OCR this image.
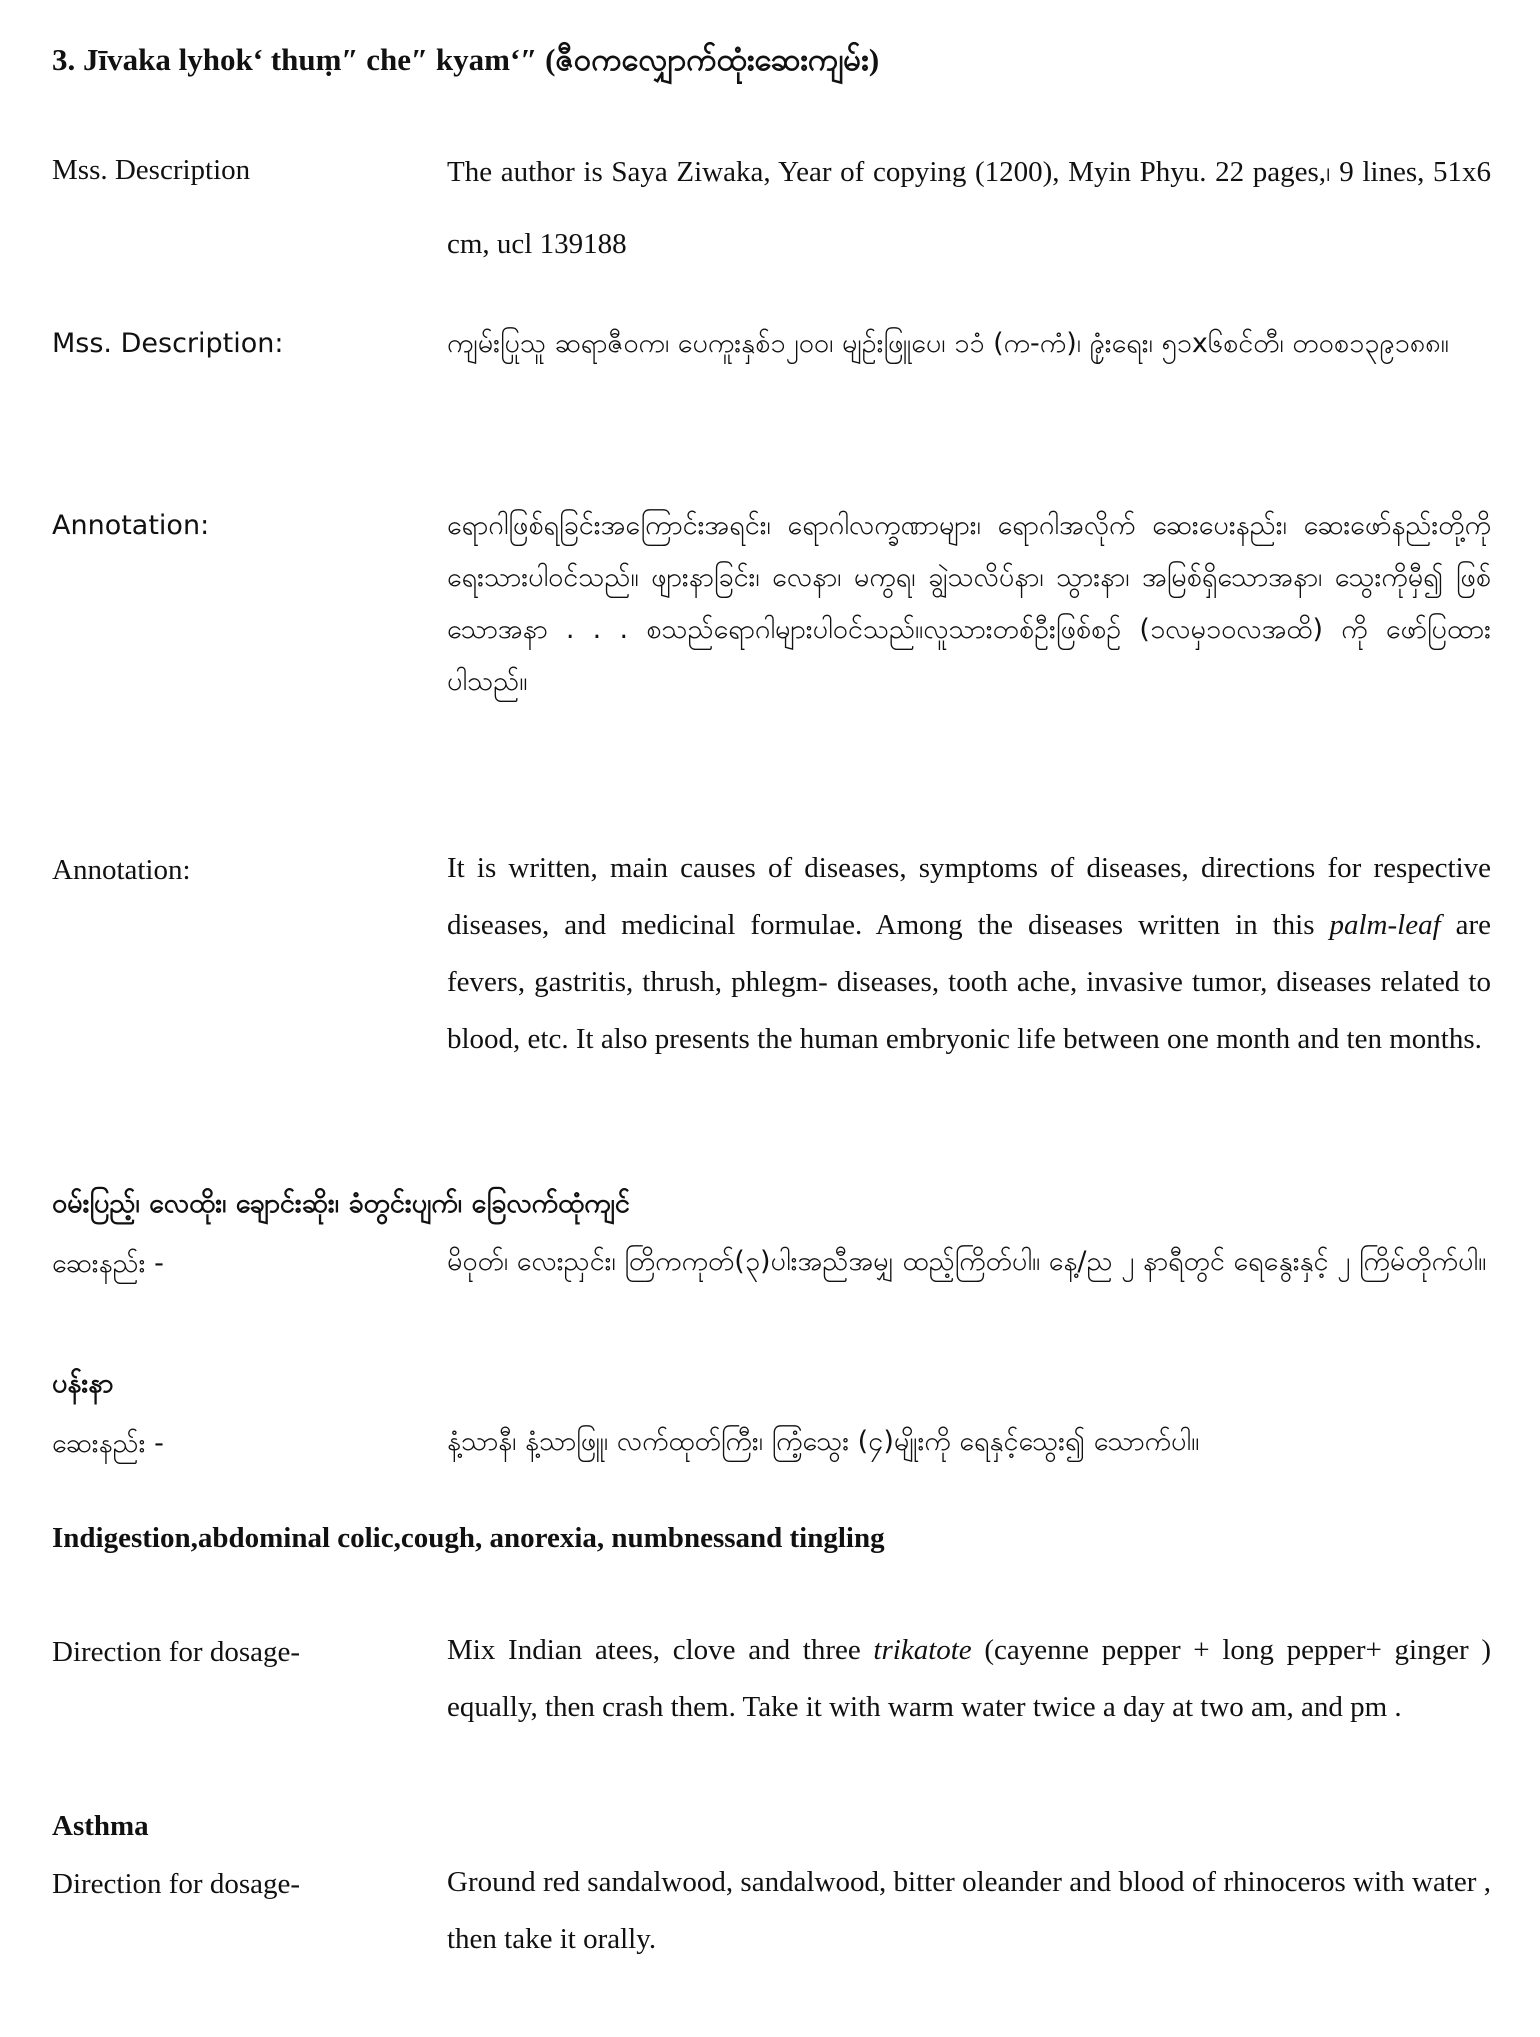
3. Jīvaka lyhok‘ thuṃ″ che″ kyam‘″ (ဇီဝကလျှောက်ထုံးဆေးကျမ်း)
Mss. Description	The author is Saya Ziwaka, Year of copying (1200), Myin Phyu. 22 pages,၊ 9 lines, 51x6 cm, ucl 139188
Mss. Description:	ကျမ်းပြုသူ ဆရာဇီဝက၊ ပေကူးနှစ်၁၂၀၀၊ မျဉ်းဖြူပေ၊ ၁၁ံ (က-ကံ)၊ ၉ုံးရေး၊ ၅၁x၆စင်တီ၊ တဝစ၁၃၉၁၈၈။
Annotation:	ရောဂါဖြစ်ရခြင်းအကြောင်းအရင်း၊ ရောဂါလက္ခဏာများ၊ ရောဂါအလိုက် ဆေးပေးနည်း၊ ဆေးဖော်နည်းတို့ကို ရေးသားပါဝင်သည်။ ဖျားနာခြင်း၊ လေနာ၊ မကွရ၊ ချွဲသလိပ်နာ၊ သွားနာ၊ အမြစ်ရှိသောအနာ၊ သွေးကိုမှီ၍ ဖြစ်သောအနာ . . . စသည်ရောဂါများပါဝင်သည်။လူသားတစ်ဦးဖြစ်စဉ် (၁လမှ၁၀လအထိ) ကို ဖော်ပြထားပါသည်။
Annotation:	It is written, main causes of diseases, symptoms of diseases, directions for respective diseases, and medicinal formulae. Among the diseases written in this palm-leaf are fevers, gastritis, thrush, phlegm- diseases, tooth ache, invasive tumor, diseases related to blood, etc. It also presents the human embryonic life between one month and ten months.
ဝမ်းပြည့်၊ လေထိုး၊ ချောင်းဆိုး၊ ခံတွင်းပျက်၊ ခြေလက်ထုံကျင်
ဆေးနည်း -	မိဝုတ်၊ လေးညှင်း၊ တြိကကုတ်(၃)ပါးအညီအမျှ ထည့်ကြိတ်ပါ။ နေ့/ည ၂ နာရီတွင် ရေနွေးနှင့် ၂ ကြိမ်တိုက်ပါ။
ပန်းနာ
ဆေးနည်း -	နံ့သာနီ၊ နံ့သာဖြူ၊ လက်ထုတ်ကြီး၊ ကြံ့သွေး (၄)မျိုးကို ရေနှင့်သွေး၍ သောက်ပါ။
Indigestion,abdominal colic,cough, anorexia, numbnessand tingling
Direction for dosage-	Mix Indian atees, clove and three trikatote (cayenne pepper + long pepper+ ginger ) equally, then crash them. Take it with warm water twice a day at two am, and pm .
Asthma
Direction for dosage-	Ground red sandalwood, sandalwood, bitter oleander and blood of rhinoceros with water , then take it orally.
